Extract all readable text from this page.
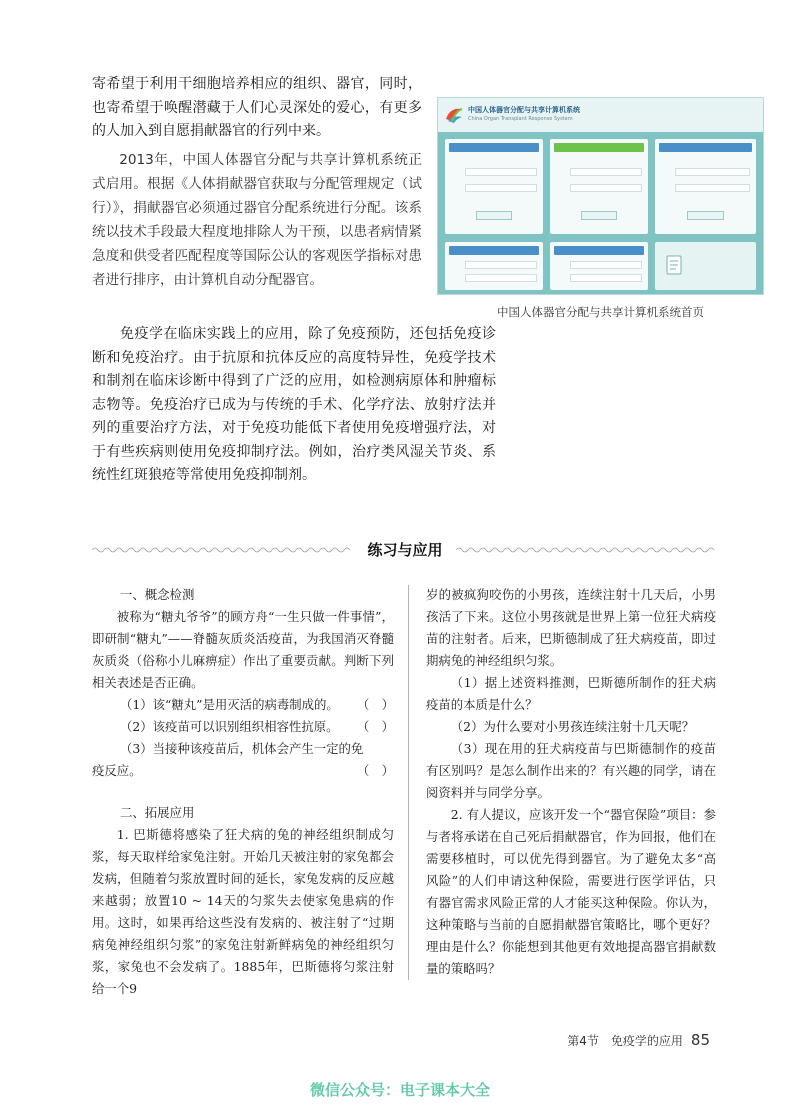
寄希望于利用干细胞培养相应的组织、器官，同时，也寄希望于唤醒潜藏于人们心灵深处的爱心，有更多的人加入到自愿捐献器官的行列中来。

2013年，中国人体器官分配与共享计算机系统正式启用。根据《人体捐献器官获取与分配管理规定（试行）》，捐献器官必须通过器官分配系统进行分配。该系统以技术手段最大程度地排除人为干预，以患者病情紧急度和供受者匹配程度等国际公认的客观医学指标对患者进行排序，由计算机自动分配器官。

免疫学在临床实践上的应用，除了免疫预防，还包括免疫诊断和免疫治疗。由于抗原和抗体反应的高度特异性，免疫学技术和制剂在临床诊断中得到了广泛的应用，如检测病原体和肿瘤标志物等。免疫治疗已成为与传统的手术、化学疗法、放射疗法并列的重要治疗方法，对于免疫功能低下者使用免疫增强疗法，对于有些疾病则使用免疫抑制疗法。例如，治疗类风湿关节炎、系统性红斑狼疮等常使用免疫抑制剂。

中国人体器官分配与共享计算机系统
China Organ Transplant Response System
中国人体器官分配与共享计算机系统首页
练习与应用

一、概念检测

被称为“糖丸爷爷”的顾方舟“一生只做一件事情”，即研制“糖丸”——脊髓灰质炎活疫苗，为我国消灭脊髓灰质炎（俗称小儿麻痹症）作出了重要贡献。判断下列相关表述是否正确。

（1）该“糖丸”是用灭活的病毒制成的。 （　）

（2）该疫苗可以识别组织相容性抗原。 （　）

（3）当接种该疫苗后，机体会产生一定的免

疫反应。	（　）

二、拓展应用

1. 巴斯德将感染了狂犬病的兔的神经组织制成匀浆，每天取样给家兔注射。开始几天被注射的家兔都会发病，但随着匀浆放置时间的延长，家兔发病的反应越来越弱；放置10 ~ 14天的匀浆失去使家兔患病的作用。这时，如果再给这些没有发病的、被注射了“过期病兔神经组织匀浆”的家兔注射新鲜病兔的神经组织匀浆，家兔也不会发病了。1885年，巴斯德将匀浆注射给一个9

岁的被疯狗咬伤的小男孩，连续注射十几天后，小男孩活了下来。这位小男孩就是世界上第一位狂犬病疫苗的注射者。后来，巴斯德制成了狂犬病疫苗，即过期病兔的神经组织匀浆。

（1）据上述资料推测，巴斯德所制作的狂犬病疫苗的本质是什么？

（2）为什么要对小男孩连续注射十几天呢？

（3）现在用的狂犬病疫苗与巴斯德制作的疫苗有区别吗？是怎么制作出来的？有兴趣的同学，请在阅资料并与同学分享。

2. 有人提议，应该开发一个“器官保险”项目：参与者将承诺在自己死后捐献器官，作为回报，他们在需要移植时，可以优先得到器官。为了避免太多“高风险”的人们申请这种保险，需要进行医学评估，只有器官需求风险正常的人才能买这种保险。你认为，这种策略与当前的自愿捐献器官策略比，哪个更好？理由是什么？你能想到其他更有效地提高器官捐献数量的策略吗？

第4节　免疫学的应用 85
微信公众号：电子课本大全
